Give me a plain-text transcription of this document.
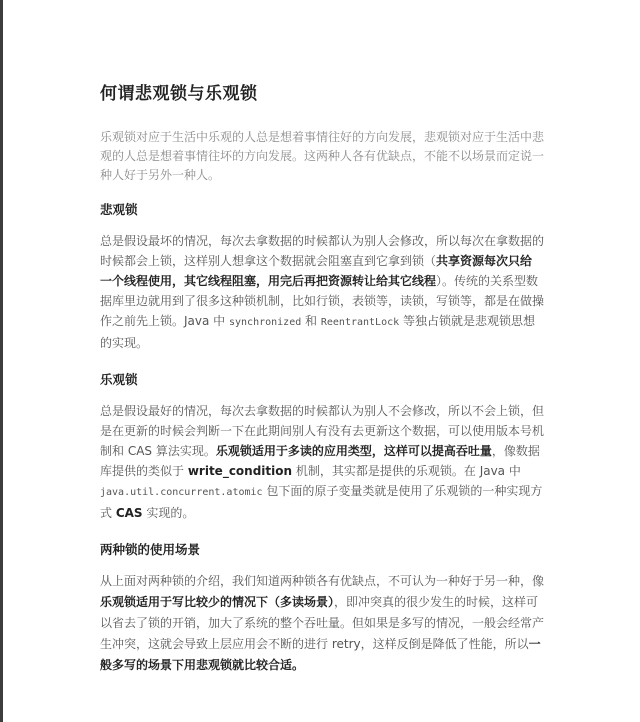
何谓悲观锁与乐观锁
乐观锁对应于生活中乐观的人总是想着事情往好的方向发展，悲观锁对应于生活中悲观的人总是想着事情往坏的方向发展。这两种人各有优缺点，不能不以场景而定说一种人好于另外一种人。
悲观锁

总是假设最坏的情况，每次去拿数据的时候都认为别人会修改，所以每次在拿数据的时候都会上锁，这样别人想拿这个数据就会阻塞直到它拿到锁（共享资源每次只给一个线程使用，其它线程阻塞，用完后再把资源转让给其它线程）。传统的关系型数据库里边就用到了很多这种锁机制，比如行锁，表锁等，读锁，写锁等，都是在做操作之前先上锁。Java 中 synchronized 和 ReentrantLock 等独占锁就是悲观锁思想的实现。

乐观锁

总是假设最好的情况，每次去拿数据的时候都认为别人不会修改，所以不会上锁，但是在更新的时候会判断一下在此期间别人有没有去更新这个数据，可以使用版本号机制和 CAS 算法实现。乐观锁适用于多读的应用类型，这样可以提高吞吐量，像数据库提供的类似于 write_condition 机制，其实都是提供的乐观锁。在 Java 中 java.util.concurrent.atomic 包下面的原子变量类就是使用了乐观锁的一种实现方式 CAS 实现的。

两种锁的使用场景

从上面对两种锁的介绍，我们知道两种锁各有优缺点，不可认为一种好于另一种，像乐观锁适用于写比较少的情况下（多读场景），即冲突真的很少发生的时候，这样可以省去了锁的开销，加大了系统的整个吞吐量。但如果是多写的情况，一般会经常产生冲突，这就会导致上层应用会不断的进行 retry，这样反倒是降低了性能，所以一般多写的场景下用悲观锁就比较合适。
